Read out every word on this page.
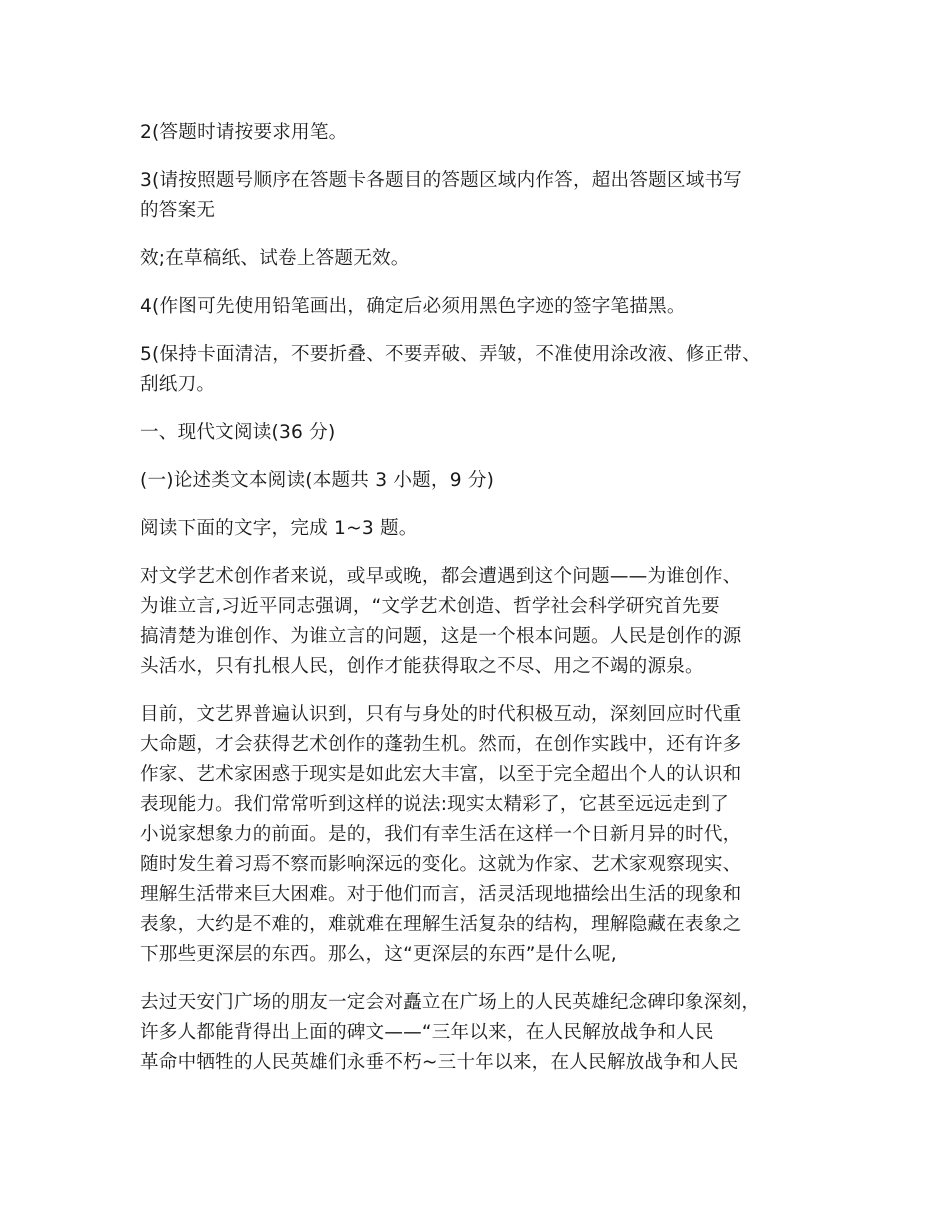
2(答题时请按要求用笔。

3(请按照题号顺序在答题卡各题目的答题区域内作答，超出答题区域书写
的答案无

效;在草稿纸、试卷上答题无效。

4(作图可先使用铅笔画出，确定后必须用黑色字迹的签字笔描黑。

5(保持卡面清洁，不要折叠、不要弄破、弄皱，不准使用涂改液、修正带、
刮纸刀。

一、现代文阅读(36 分)

(一)论述类文本阅读(本题共 3 小题，9 分)

阅读下面的文字，完成 1~3 题。

对文学艺术创作者来说，或早或晚，都会遭遇到这个问题——为谁创作、
为谁立言,习近平同志强调，“文学艺术创造、哲学社会科学研究首先要
搞清楚为谁创作、为谁立言的问题，这是一个根本问题。人民是创作的源
头活水，只有扎根人民，创作才能获得取之不尽、用之不竭的源泉。

目前，文艺界普遍认识到，只有与身处的时代积极互动，深刻回应时代重
大命题，才会获得艺术创作的蓬勃生机。然而，在创作实践中，还有许多
作家、艺术家困惑于现实是如此宏大丰富，以至于完全超出个人的认识和
表现能力。我们常常听到这样的说法:现实太精彩了，它甚至远远走到了
小说家想象力的前面。是的，我们有幸生活在这样一个日新月异的时代，
随时发生着习焉不察而影响深远的变化。这就为作家、艺术家观察现实、
理解生活带来巨大困难。对于他们而言，活灵活现地描绘出生活的现象和
表象，大约是不难的，难就难在理解生活复杂的结构，理解隐藏在表象之
下那些更深层的东西。那么，这“更深层的东西”是什么呢,

去过天安门广场的朋友一定会对矗立在广场上的人民英雄纪念碑印象深刻，
许多人都能背得出上面的碑文——“三年以来，在人民解放战争和人民
革命中牺牲的人民英雄们永垂不朽~三十年以来，在人民解放战争和人民
